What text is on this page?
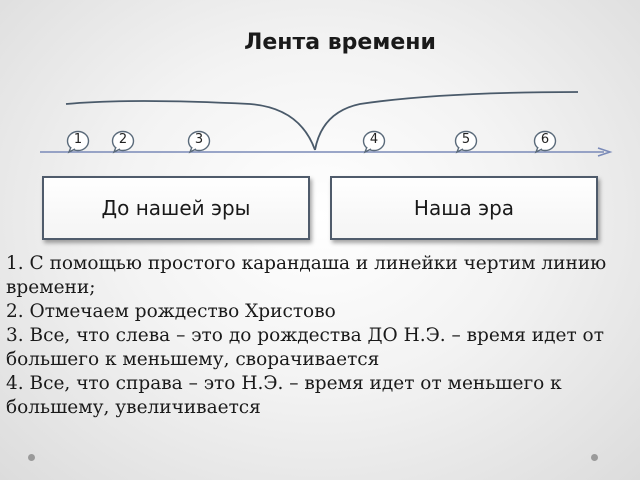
Лента времени
1	2	3	4	5	6
До нашей эры	Наша эра

1. С помощью простого карандаша и линейки чертим линию времени;

2. Отмечаем рождество Христово

3. Все, что слева – это до рождества ДО Н.Э. – время идет от большего к меньшему, сворачивается

4. Все, что справа – это Н.Э. – время идет от меньшего к большему, увеличивается
